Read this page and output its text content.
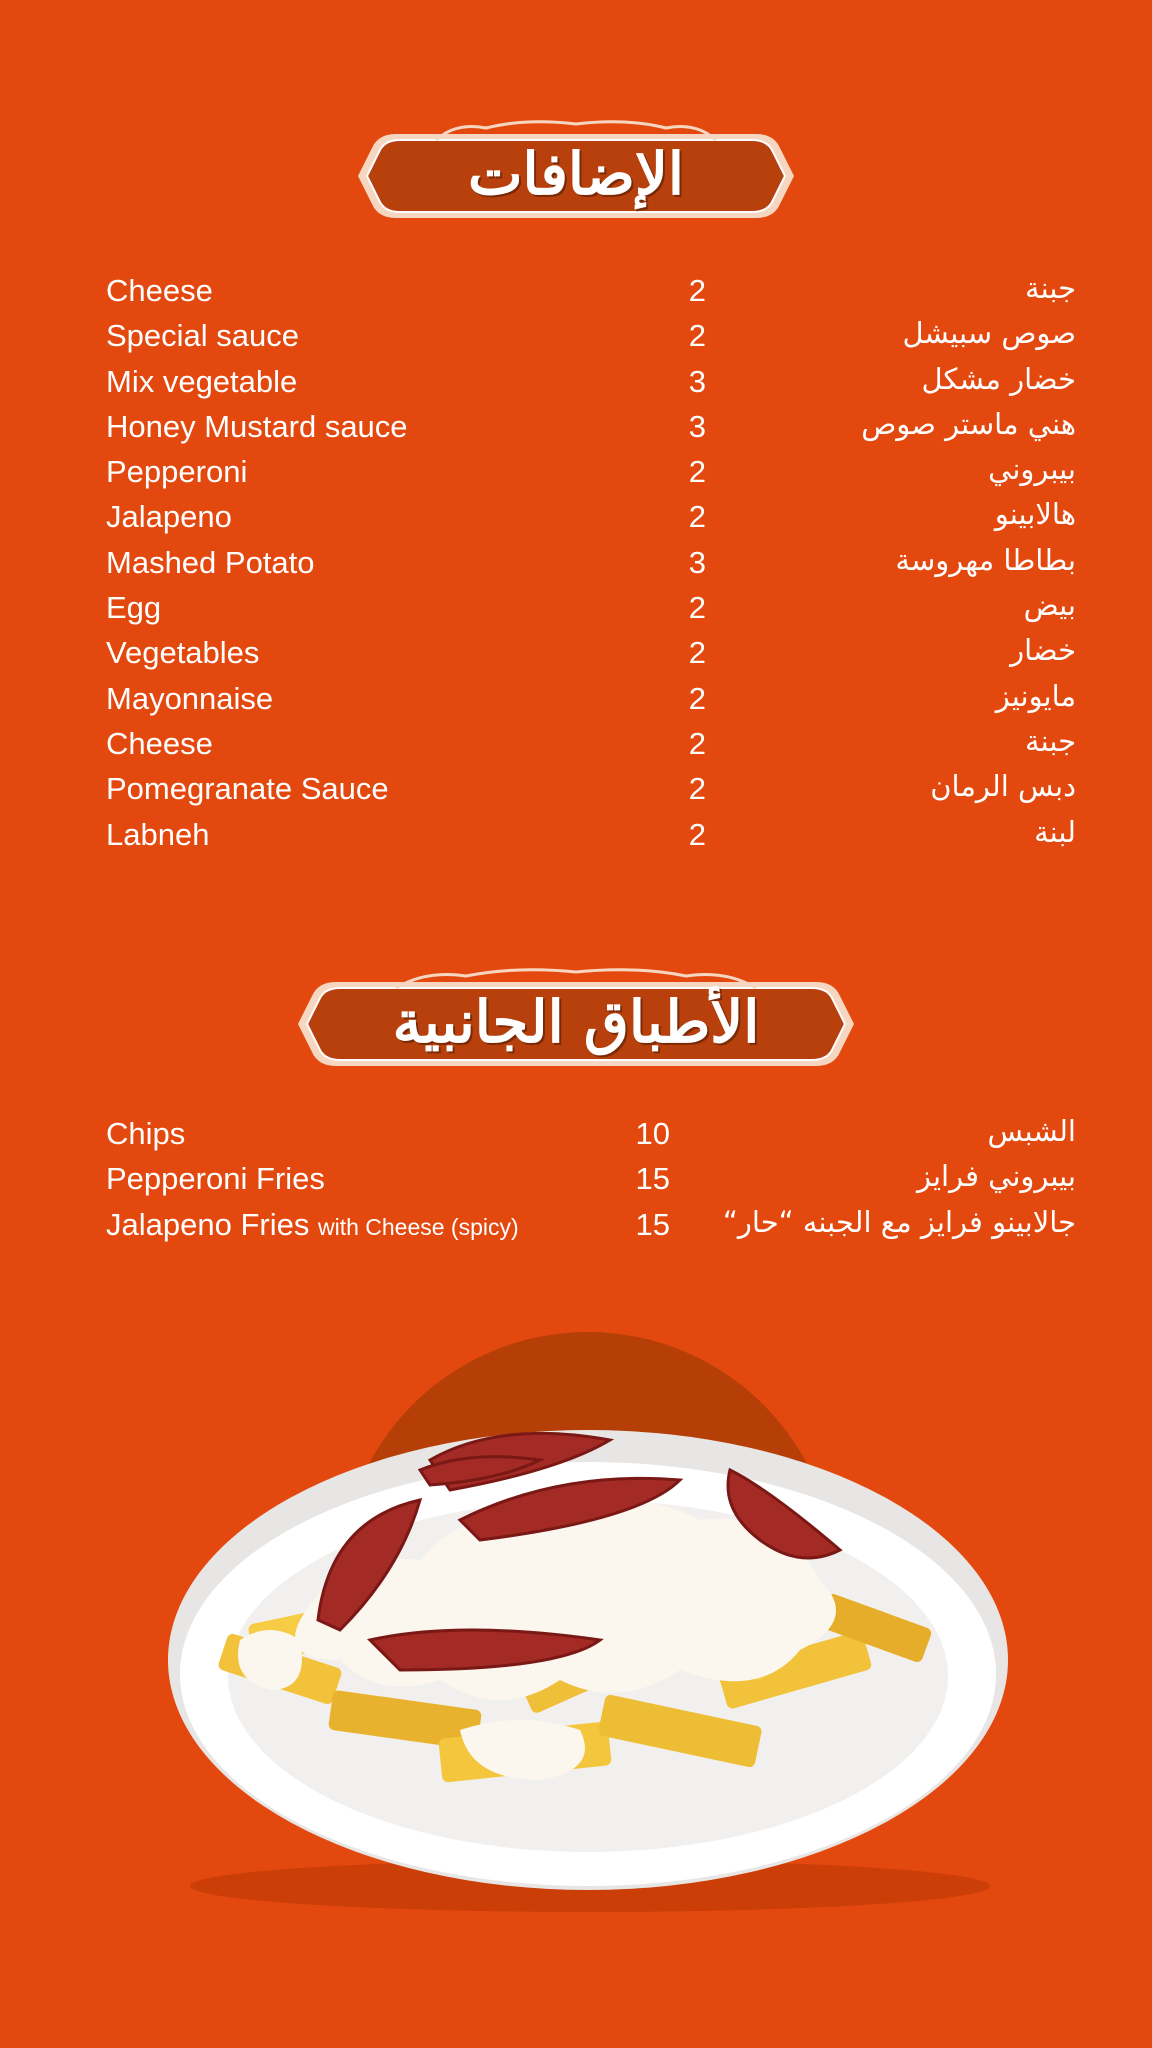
الإضافات
Cheese	2	جبنة
Special sauce	2	صوص سبيشل
Mix vegetable	3	خضار مشكل
Honey Mustard sauce	3	هني ماستر صوص
Pepperoni	2	بيبروني
Jalapeno	2	هالابينو
Mashed Potato	3	بطاطا مهروسة
Egg	2	بيض
Vegetables	2	خضار
Mayonnaise	2	مايونيز
Cheese	2	جبنة
Pomegranate Sauce	2	دبس الرمان
Labneh	2	لبنة
الأطباق الجانبية
Chips	10	الشبس
Pepperoni Fries	15	بيبروني فرايز
Jalapeno Fries with Cheese (spicy)	15 جالابينو فرايز مع الجبنه “حار“
